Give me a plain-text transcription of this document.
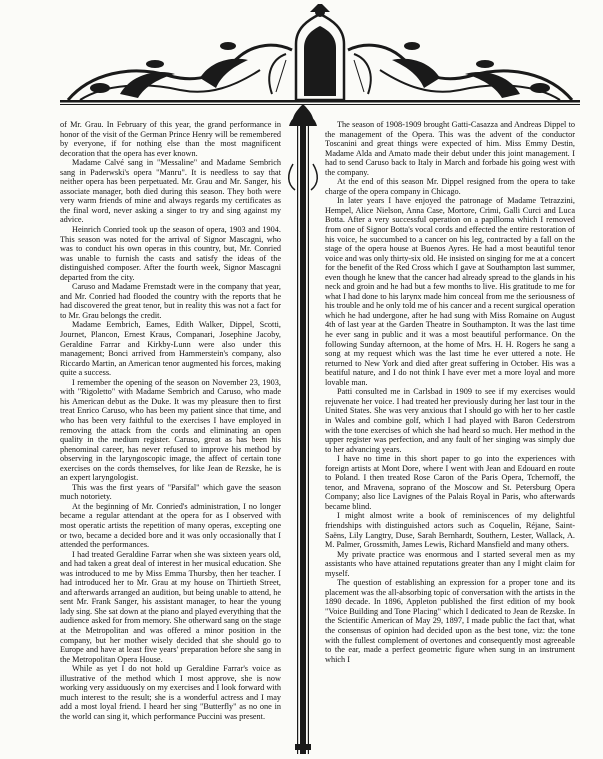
of Mr. Grau. In February of this year, the grand performance in honor of the visit of the German Prince Henry will be remembered by everyone, if for nothing else than the most magnificent decoration that the opera has ever known.

Madame Calvé sang in "Messaline" and Madame Sembrich sang in Paderwski's opera "Manru". It is needless to say that neither opera has been perpetuated. Mr. Grau and Mr. Sanger, his associate manager, both died during this season. They both were very warm friends of mine and always regards my certificates as the final word, never asking a singer to try and sing against my advice.

Heinrich Conried took up the season of opera, 1903 and 1904. This season was noted for the arrival of Signor Mascagni, who was to conduct his own operas in this country, but, Mr. Conried was unable to furnish the casts and satisfy the ideas of the distinguished composer. After the fourth week, Signor Mascagni departed from the city.

Caruso and Madame Fremstadt were in the company that year, and Mr. Conried had flooded the country with the reports that he had discovered the great tenor, but in reality this was not a fact for to Mr. Grau belongs the credit.

Madame Eembrich, Eames, Edith Walker, Dippel, Scotti, Journet, Plancon, Ernest Kraus, Companari, Josephine Jacoby, Geraldine Farrar and Kirkby-Lunn were also under this management; Bonci arrived from Hammerstein's company, also Riccardo Martin, an American tenor augmented his forces, making quite a success.

I remember the opening of the season on November 23, 1903, with "Rigoletto" with Madame Sembrich and Caruso, who made his American debut as the Duke. It was my pleasure then to first treat Enrico Caruso, who has been my patient since that time, and who has been very faithful to the exercises I have employed in removing the attack from the cords and eliminating an open quality in the medium register. Caruso, great as has been his phenominal career, has never refused to improve his method by observing in the laryngoscopic image, the affect of certain tone exercises on the cords themselves, for like Jean de Rezske, he is an expert laryngologist.

This was the first years of "Parsifal" which gave the season much notoriety.

At the beginning of Mr. Conried's administration, I no longer became a regular attendant at the opera for as I observed with most operatic artists the repetition of many operas, excepting one or two, became a decided bore and it was only occasionally that I attended the performances.

I had treated Geraldine Farrar when she was sixteen years old, and had taken a great deal of interest in her musical education. She was introduced to me by Miss Emma Thursby, then her teacher. I had introduced her to Mr. Grau at my house on Thirtieth Street, and afterwards arranged an audition, but being unable to attend, he sent Mr. Frank Sanger, his assistant manager, to hear the young lady sing. She sat down at the piano and played everything that the audience asked for from memory. She otherward sang on the stage at the Metropolitan and was offered a minor position in the company, but her mother wisely decided that she should go to Europe and have at least five years' preparation before she sang in the Metropolitan Opera House.

While as yet I do not hold up Geraldine Farrar's voice as illustrative of the method which I most approve, she is now working very assiduously on my exercises and I look forward with much interest to the result; she is a wonderful actress and I may add a most loyal friend. I heard her sing "Butterfly" as no one in the world can sing it, which performance Puccini was present.

The season of 1908-1909 brought Gatti-Casazza and Andreas Dippel to the management of the Opera. This was the advent of the conductor Toscanini and great things were expected of him. Miss Emmy Destin, Madame Alda and Amato made their debut under this joint management. I had to send Caruso back to Italy in March and forbade his going west with the company.

At the end of this season Mr. Dippel resigned from the opera to take charge of the opera company in Chicago.

In later years I have enjoyed the patronage of Madame Tetrazzini, Hempel, Alice Nielson, Anna Case, Mortore, Crimi, Galli Curci and Luca Botta. After a very successful operation on a papilloma which I removed from one of Signor Botta's vocal cords and effected the entire restoration of his voice, he succumbed to a cancer on his leg, contracted by a fall on the stage of the opera house at Buenos Ayres. He had a most beautiful tenor voice and was only thirty-six old. He insisted on singing for me at a concert for the benefit of the Red Cross which I gave at Southampton last summer, even though he knew that the cancer had already spread to the glands in his neck and groin and he had but a few months to live. His gratitude to me for what I had done to his larynx made him conceal from me the seriousness of his trouble and he only told me of his cancer and a recent surgical operation which he had undergone, after he had sung with Miss Romaine on August 4th of last year at the Garden Theatre in Southampton. It was the last time he ever sang in public and it was a most beautiful performance. On the following Sunday afternoon, at the home of Mrs. H. H. Rogers he sang a song at my request which was the last time he ever uttered a note. He returned to New York and died after great suffering in October. His was a beatiful nature, and I do not think I have ever met a more loyal and more lovable man.

Patti consulted me in Carlsbad in 1909 to see if my exercises would rejuvenate her voice. I had treated her previously during her last tour in the United States. She was very anxious that I should go with her to her castle in Wales and combine golf, which I had played with Baron Cederstrom with the tone exercises of which she had heard so much. Her method in the upper register was perfection, and any fault of her singing was simply due to her advancing years.

I have no time in this short paper to go into the experiences with foreign artists at Mont Dore, where I went with Jean and Edouard en route to Poland. I then treated Rose Caron of the Paris Opera, Tchernoff, the tenor, and Mravena, soprano of the Moscow and St. Petersburg Opera Company; also lice Lavignes of the Palais Royal in Paris, who afterwards became blind.

I might almost write a book of reminiscences of my delightful friendships with distinguished actors such as Coquelin, Réjane, Saint-Saëns, Lily Langtry, Duse, Sarah Bernhardt, Southern, Lester, Wallack, A. M. Palmer, Grossmith, James Lewis, Richard Mansfield and many others.

My private practice was enormous and I started several men as my assistants who have attained reputations greater than any I might claim for myself.

The question of establishing an expression for a proper tone and its placement was the all-absorbing topic of conversation with the artists in the 1890 decade. In 1896, Appleton published the first edition of my book "Voice Building and Tone Placing" which I dedicated to Jean de Rezske. In the Scientific American of May 29, 1897, I made public the fact that, what the consensus of opinion had decided upon as the best tone, viz: the tone with the fullest complement of overtones and consequently most agreeable to the ear, made a perfect geometric figure when sung in an instrument which I
